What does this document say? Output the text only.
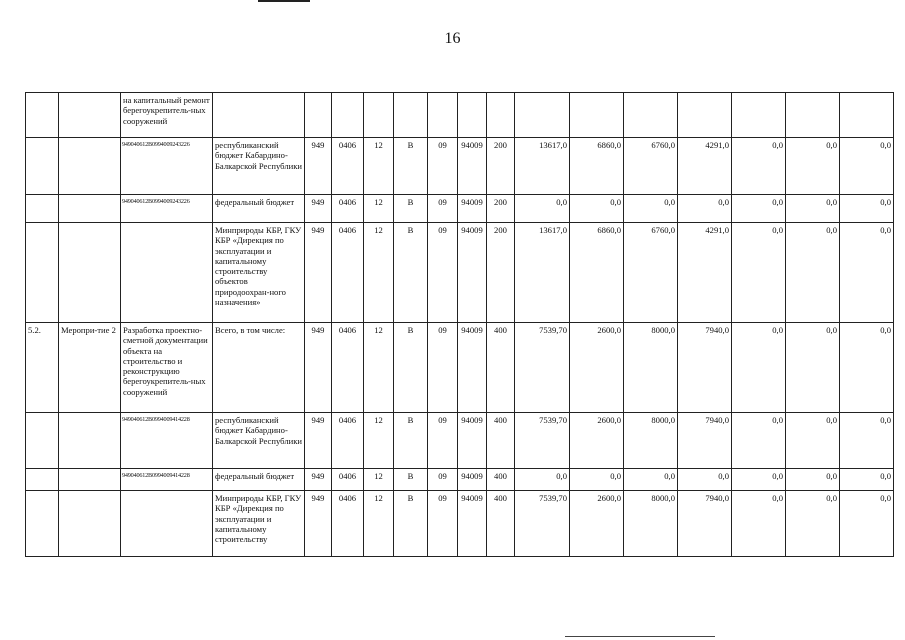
16
		на капитальный ремонт берегоукрепитель-ных сооружений	

		949040612В0994009243226	республиканский бюджет Кабардино-Балкарской Республики	949	0406	12	В	09	94009	200	13617,0	6860,0	6760,0	4291,0	0,0	0,0	0,0

		949040612В0994009243226	федеральный бюджет	949	0406	12	В	09	94009	200	0,0	0,0	0,0	0,0	0,0	0,0	0,0

			Минприроды КБР, ГКУ КБР «Дирекция по эксплуатации и капитальному строительству объектов природоохран-ного назначения»	949	0406	12	В	09	94009	200	13617,0	6860,0	6760,0	4291,0	0,0	0,0	0,0
5.2.	Меропри-тие 2	Разработка проектно-сметной документации объекта на строительство и реконструкцию берегоукрепитель-ных сооружений	Всего, в том числе:	949	0406	12	В	09	94009	400	7539,70	2600,0	8000,0	7940,0	0,0	0,0	0,0

		949040612В0994009414228	республиканский бюджет Кабардино-Балкарской Республики	949	0406	12	В	09	94009	400	7539,70	2600,0	8000,0	7940,0	0,0	0,0	0,0

		949040612В0994009414228	федеральный бюджет	949	0406	12	В	09	94009	400	0,0	0,0	0,0	0,0	0,0	0,0	0,0

			Минприроды КБР, ГКУ КБР «Дирекция по эксплуатации и капитальному строительству	949	0406	12	В	09	94009	400	7539,70	2600,0	8000,0	7940,0	0,0	0,0	0,0
